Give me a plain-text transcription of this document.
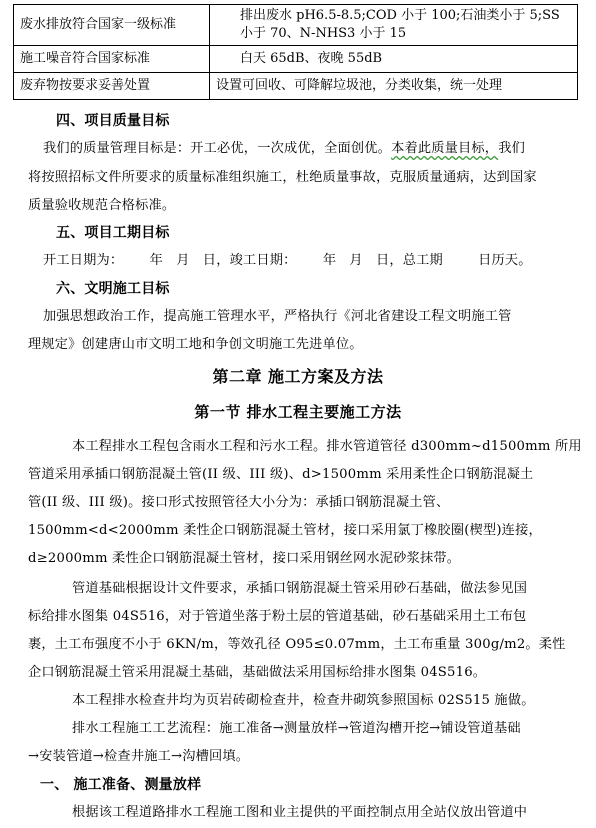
废水排放符合国家一级标准	排出废水 pH6.5-8.5;COD 小于 100;石油类小于 5;SS
小于 70、N-NHS3 小于 15

施工噪音符合国家标准	白天 65dB、夜晚 55dB
废弃物按要求妥善处置	设置可回收、可降解垃圾池，分类收集，统一处理
四、项目质量目标
我们的质量管理目标是：开工必优，一次成优，全面创优。本着此质量目标，我们
将按照招标文件所要求的质量标准组织施工，杜绝质量事故，克服质量通病，达到国家
质量验收规范合格标准。
五、项目工期目标
开工日期为：      年   月   日，竣工日期：      年   月   日，总工期        日历天。
六、文明施工目标
加强思想政治工作，提高施工管理水平，严格执行《河北省建设工程文明施工管
理规定》创建唐山市文明工地和争创文明施工先进单位。
第二章 施工方案及方法
第一节 排水工程主要施工方法
本工程排水工程包含雨水工程和污水工程。排水管道管径 d300mm~d1500mm 所用
管道采用承插口钢筋混凝土管(II 级、III 级)、d>1500mm 采用柔性企口钢筋混凝土
管(II 级、III 级)。接口形式按照管径大小分为：承插口钢筋混凝土管、
1500mm<d<2000mm 柔性企口钢筋混凝土管材，接口采用氯丁橡胶圈(楔型)连接，
d≥2000mm 柔性企口钢筋混凝土管材，接口采用钢丝网水泥砂浆抹带。
管道基础根据设计文件要求，承插口钢筋混凝土管采用砂石基础，做法参见国
标给排水图集 04S516，对于管道坐落于粉土层的管道基础，砂石基础采用土工布包
裹，土工布强度不小于 6KN/m，等效孔径 O95≤0.07mm，土工布重量 300g/m2。柔性
企口钢筋混凝土管采用混凝土基础，基础做法采用国标给排水图集 04S516。
本工程排水检查井均为页岩砖砌检查井，检查井砌筑参照国标 02S515 施做。
排水工程施工工艺流程：施工准备→测量放样→管道沟槽开挖→铺设管道基础
→安装管道→检查井施工→沟槽回填。
一、 施工准备、测量放样
根据该工程道路排水工程施工图和业主提供的平面控制点用全站仪放出管道中
